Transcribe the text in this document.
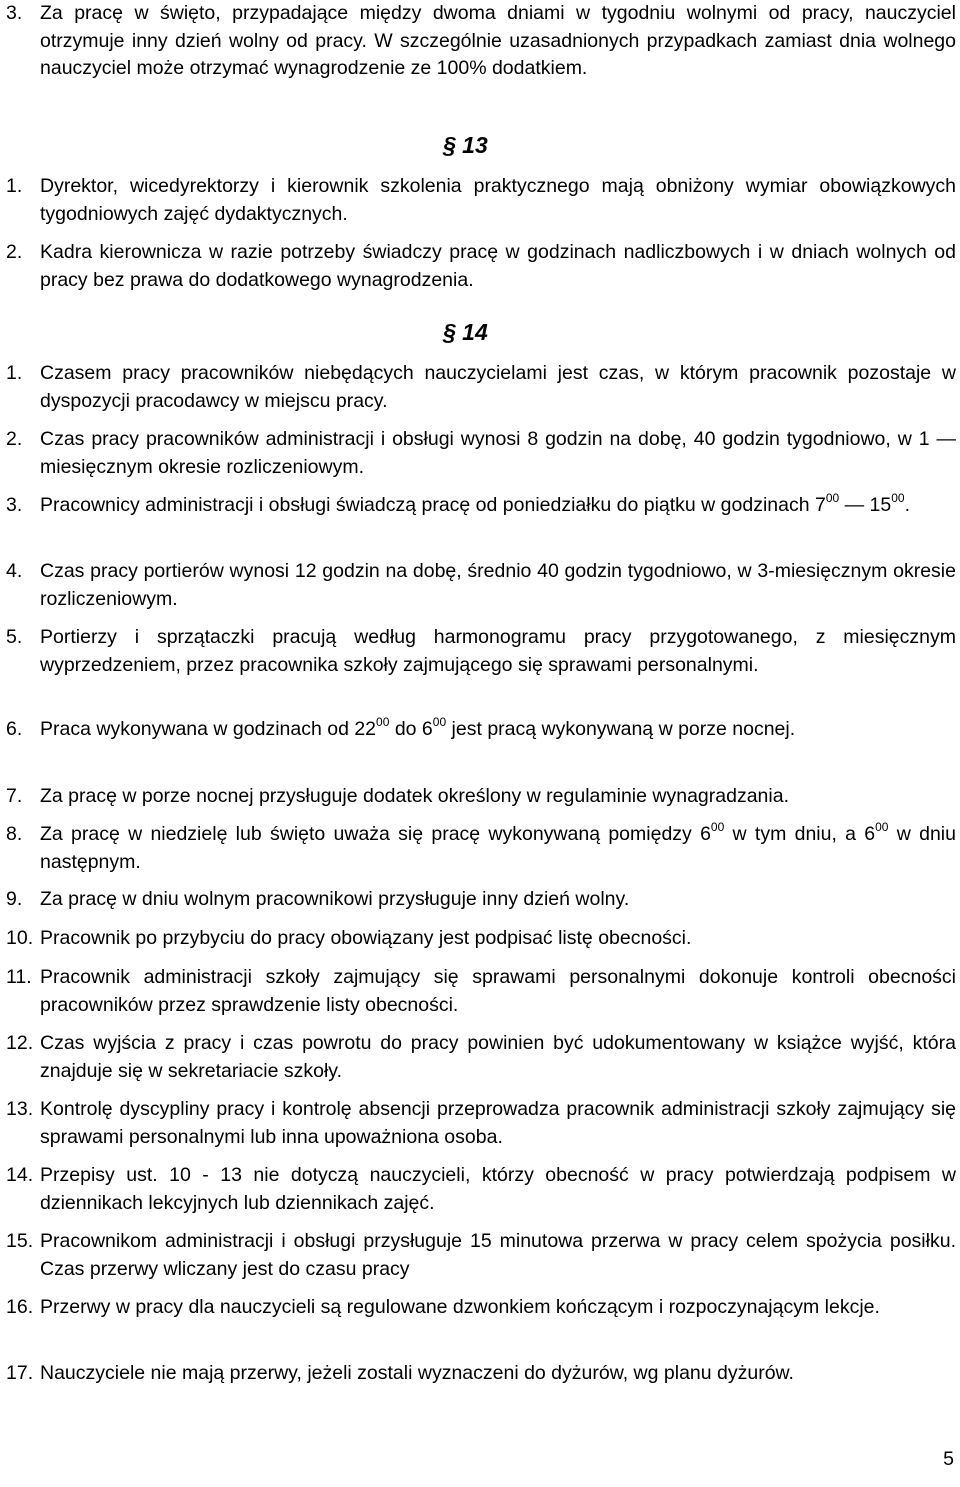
3. Za pracę w święto, przypadające między dwoma dniami w tygodniu wolnymi od pracy, nauczyciel otrzymuje inny dzień wolny od pracy. W szczególnie uzasadnionych przypadkach zamiast dnia wolnego nauczyciel może otrzymać wynagrodzenie ze 100% dodatkiem.
§ 13
1. Dyrektor, wicedyrektorzy i kierownik szkolenia praktycznego mają obniżony wymiar obowiązkowych tygodniowych zajęć dydaktycznych.
2. Kadra kierownicza w razie potrzeby świadczy pracę w godzinach nadliczbowych i w dniach wolnych od pracy bez prawa do dodatkowego wynagrodzenia.
§ 14
1. Czasem pracy pracowników niebędących nauczycielami jest czas, w którym pracownik pozostaje w dyspozycji pracodawcy w miejscu pracy.
2. Czas pracy pracowników administracji i obsługi wynosi 8 godzin na dobę, 40 godzin tygodniowo, w 1 — miesięcznym okresie rozliczeniowym.
3. Pracownicy administracji i obsługi świadczą pracę od poniedziałku do piątku w godzinach $7^{00}$ — $15^{00}$.
4. Czas pracy portierów wynosi 12 godzin na dobę, średnio 40 godzin tygodniowo, w 3-miesięcznym okresie rozliczeniowym.
5. Portierzy i sprzątaczki pracują według harmonogramu pracy przygotowanego, z miesięcznym wyprzedzeniem, przez pracownika szkoły zajmującego się sprawami personalnymi.
6. Praca wykonywana w godzinach od $22^{00}$ do $6^{00}$ jest pracą wykonywaną w porze nocnej.
7. Za pracę w porze nocnej przysługuje dodatek określony w regulaminie wynagradzania.
8. Za pracę w niedzielę lub święto uważa się pracę wykonywaną pomiędzy $6^{00}$ w tym dniu, a $6^{00}$ w dniu następnym.
9. Za pracę w dniu wolnym pracownikowi przysługuje inny dzień wolny.
10. Pracownik po przybyciu do pracy obowiązany jest podpisać listę obecności.
11. Pracownik administracji szkoły zajmujący się sprawami personalnymi dokonuje kontroli obecności pracowników przez sprawdzenie listy obecności.
12. Czas wyjścia z pracy i czas powrotu do pracy powinien być udokumentowany w książce wyjść, która znajduje się w sekretariacie szkoły.
13. Kontrolę dyscypliny pracy i kontrolę absencji przeprowadza pracownik administracji szkoły zajmujący się sprawami personalnymi lub inna upoważniona osoba.
14. Przepisy ust. 10 - 13 nie dotyczą nauczycieli, którzy obecność w pracy potwierdzają podpisem w dziennikach lekcyjnych lub dziennikach zajęć.
15. Pracownikom administracji i obsługi przysługuje 15 minutowa przerwa w pracy celem spożycia posiłku. Czas przerwy wliczany jest do czasu pracy
16. Przerwy w pracy dla nauczycieli są regulowane dzwonkiem kończącym i rozpoczynającym lekcje.
17. Nauczyciele nie mają przerwy, jeżeli zostali wyznaczeni do dyżurów, wg planu dyżurów.
5
